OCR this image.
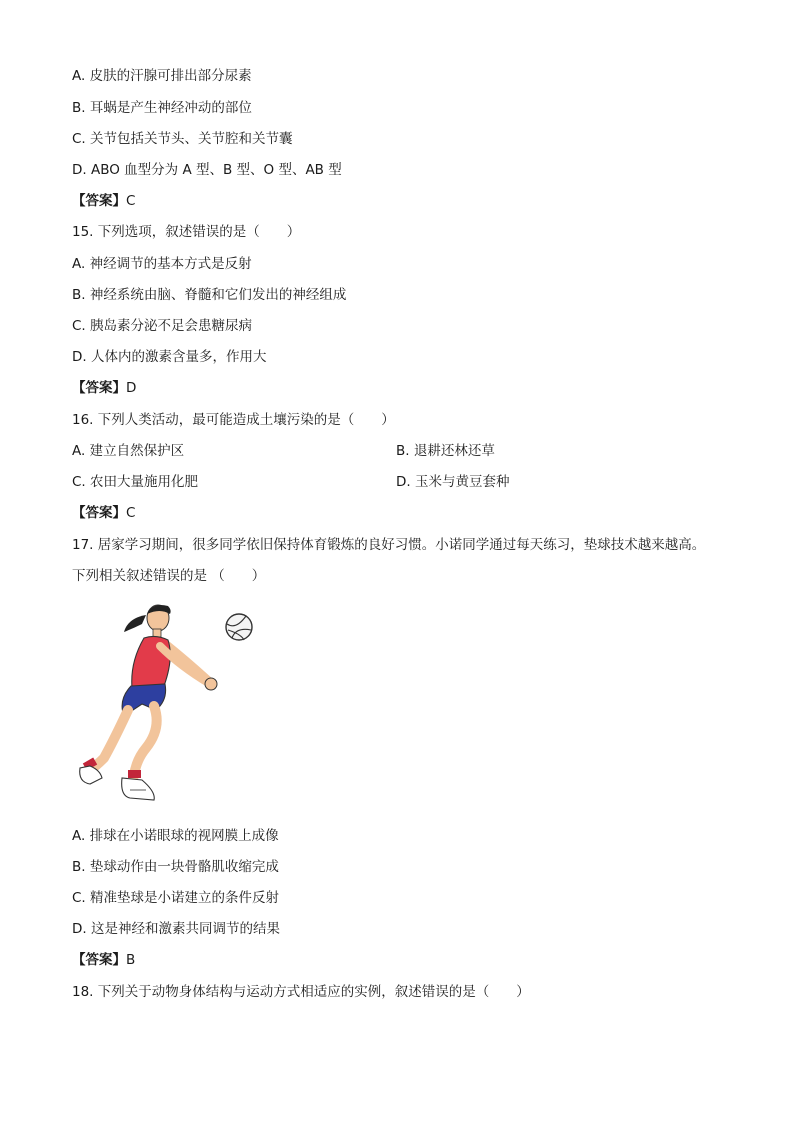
A. 皮肤的汗腺可排出部分尿素
B. 耳蜗是产生神经冲动的部位
C. 关节包括关节头、关节腔和关节囊
D. ABO 血型分为 A 型、B 型、O 型、AB 型
【答案】C
15. 下列选项，叙述错误的是（　　）
A. 神经调节的基本方式是反射
B. 神经系统由脑、脊髓和它们发出的神经组成
C. 胰岛素分泌不足会患糖尿病
D. 人体内的激素含量多，作用大
【答案】D
16. 下列人类活动，最可能造成土壤污染的是（　　）
A. 建立自然保护区	B. 退耕还林还草
C. 农田大量施用化肥	D. 玉米与黄豆套种
【答案】C
17. 居家学习期间，很多同学依旧保持体育锻炼的良好习惯。小诺同学通过每天练习，垫球技术越来越高。
下列相关叙述错误的是 （　　）
A. 排球在小诺眼球的视网膜上成像
B. 垫球动作由一块骨骼肌收缩完成
C. 精准垫球是小诺建立的条件反射
D. 这是神经和激素共同调节的结果
【答案】B
18. 下列关于动物身体结构与运动方式相适应的实例，叙述错误的是（　　）
